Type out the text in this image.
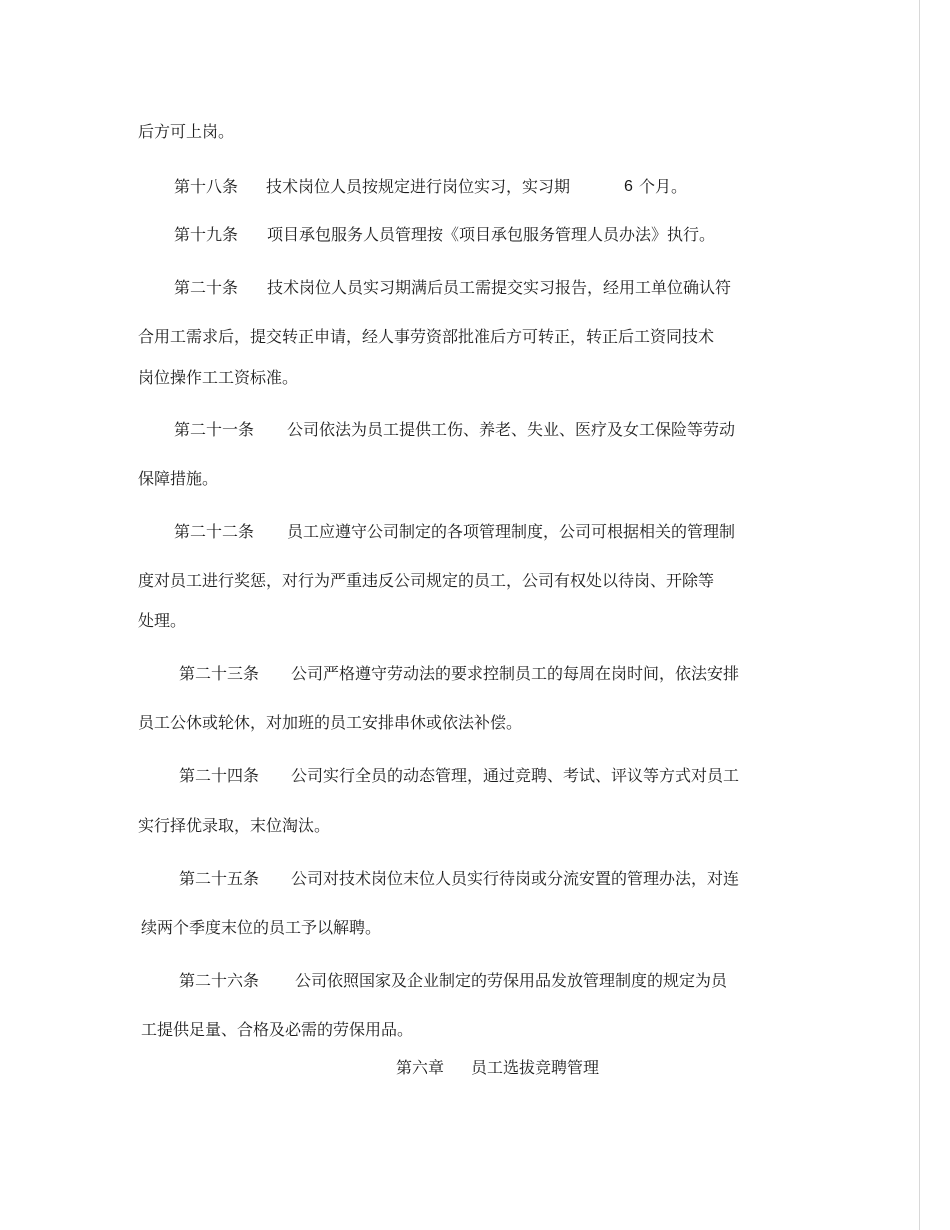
后方可上岗。
第十八条 技术岗位人员按规定进行岗位实习，实习期	6 个月。
第十九条 项目承包服务人员管理按《项目承包服务管理人员办法》执行。
第二十条 技术岗位人员实习期满后员工需提交实习报告，经用工单位确认符
合用工需求后，提交转正申请，经人事劳资部批准后方可转正，转正后工资同技术
岗位操作工工资标准。
第二十一条 公司依法为员工提供工伤、养老、失业、医疗及女工保险等劳动
保障措施。
第二十二条 员工应遵守公司制定的各项管理制度，公司可根据相关的管理制
度对员工进行奖惩，对行为严重违反公司规定的员工，公司有权处以待岗、开除等
处理。
第二十三条 公司严格遵守劳动法的要求控制员工的每周在岗时间，依法安排
员工公休或轮休，对加班的员工安排串休或依法补偿。
第二十四条 公司实行全员的动态管理，通过竞聘、考试、评议等方式对员工
实行择优录取，末位淘汰。
第二十五条 公司对技术岗位末位人员实行待岗或分流安置的管理办法，对连
续两个季度末位的员工予以解聘。
第二十六条 公司依照国家及企业制定的劳保用品发放管理制度的规定为员
工提供足量、合格及必需的劳保用品。
第六章 员工选拔竞聘管理
